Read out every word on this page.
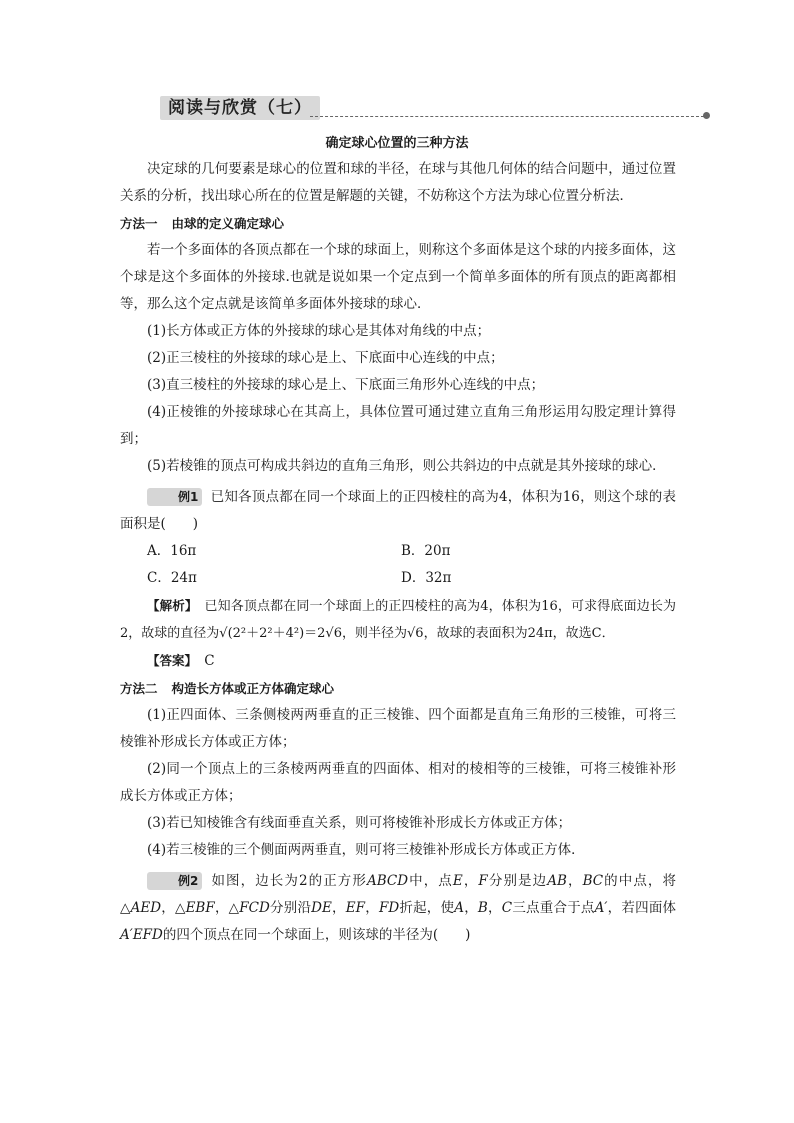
阅读与欣赏（七）
确定球心位置的三种方法

决定球的几何要素是球心的位置和球的半径，在球与其他几何体的结合问题中，通过位置关系的分析，找出球心所在的位置是解题的关键，不妨称这个方法为球心位置分析法．

方法一 由球的定义确定球心

若一个多面体的各顶点都在一个球的球面上，则称这个多面体是这个球的内接多面体，这个球是这个多面体的外接球.也就是说如果一个定点到一个简单多面体的所有顶点的距离都相等，那么这个定点就是该简单多面体外接球的球心．

(1)长方体或正方体的外接球的球心是其体对角线的中点；

(2)正三棱柱的外接球的球心是上、下底面中心连线的中点；

(3)直三棱柱的外接球的球心是上、下底面三角形外心连线的中点；

(4)正棱锥的外接球球心在其高上，具体位置可通过建立直角三角形运用勾股定理计算得到；

(5)若棱锥的顶点可构成共斜边的直角三角形，则公共斜边的中点就是其外接球的球心．

例1 已知各顶点都在同一个球面上的正四棱柱的高为4，体积为16，则这个球的表面积是(　　)

A．16π	B．20π
C．24π	D．32π

【解析】　 已知各顶点都在同一个球面上的正四棱柱的高为4，体积为16，可求得底面边长为2，故球的直径为√(2²＋2²＋4²)＝2√6，则半径为√6，故球的表面积为24π，故选C．

【答案】　 C

方法二 构造长方体或正方体确定球心

(1)正四面体、三条侧棱两两垂直的正三棱锥、四个面都是直角三角形的三棱锥，可将三棱锥补形成长方体或正方体；

(2)同一个顶点上的三条棱两两垂直的四面体、相对的棱相等的三棱锥，可将三棱锥补形成长方体或正方体；

(3)若已知棱锥含有线面垂直关系，则可将棱锥补形成长方体或正方体；

(4)若三棱锥的三个侧面两两垂直，则可将三棱锥补形成长方体或正方体．

例2 如图，边长为2的正方形ABCD中，点E，F分别是边AB，BC的中点，将△AED，△EBF，△FCD分别沿DE，EF，FD折起，使A，B，C三点重合于点A′，若四面体A′EFD的四个顶点在同一个球面上，则该球的半径为(　　)
